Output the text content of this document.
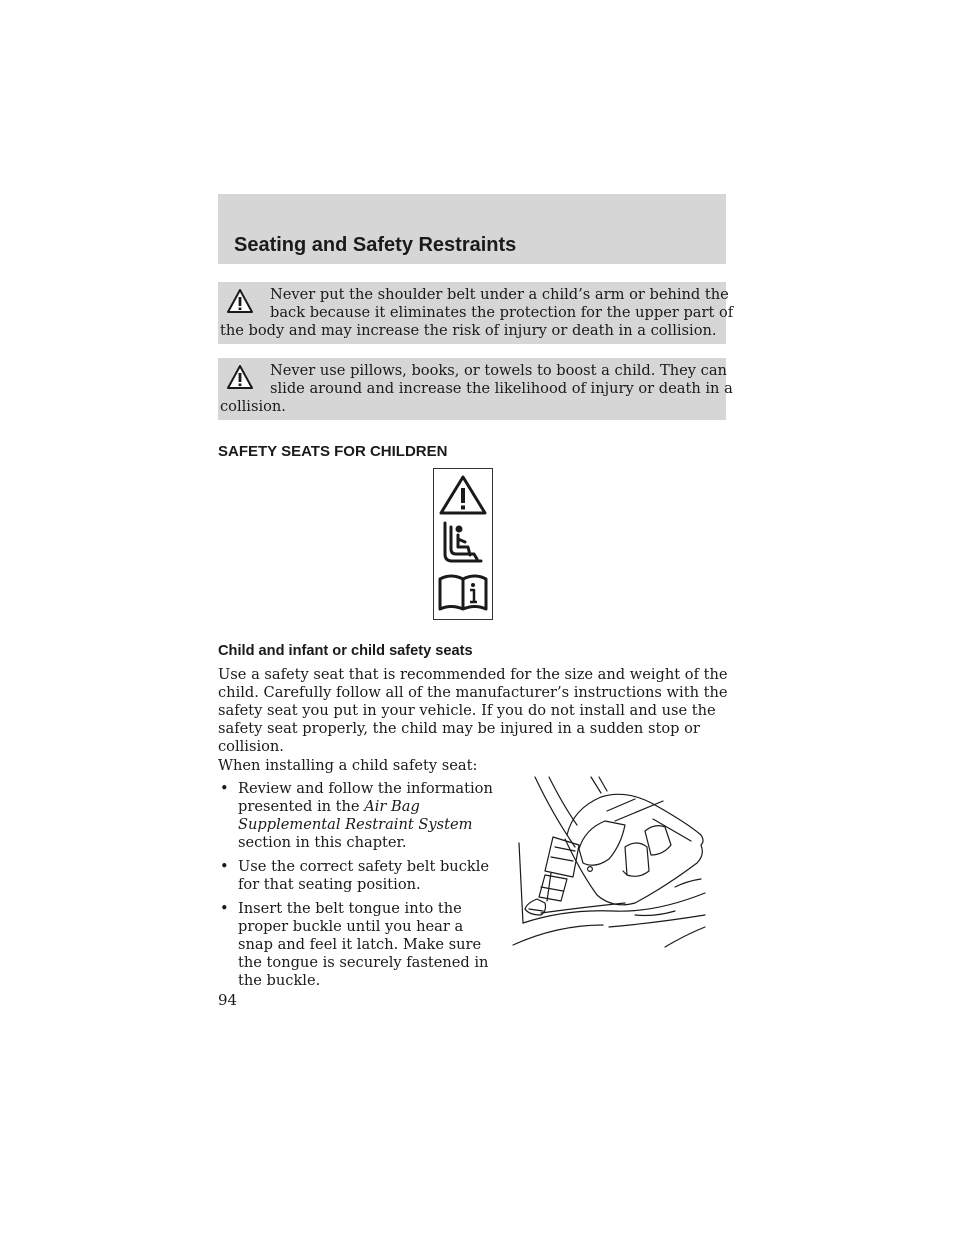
Seating and Safety Restraints
Never put the shoulder belt under a child’s arm or behind the
back because it eliminates the protection for the upper part of
the body and may increase the risk of injury or death in a collision.
Never use pillows, books, or towels to boost a child. They can
slide around and increase the likelihood of injury or death in a
collision.
SAFETY SEATS FOR CHILDREN
Child and infant or child safety seats
Use a safety seat that is recommended for the size and weight of the
child. Carefully follow all of the manufacturer’s instructions with the
safety seat you put in your vehicle. If you do not install and use the
safety seat properly, the child may be injured in a sudden stop or
collision.
When installing a child safety seat:
• Review and follow the information
presented in the Air Bag
Supplemental Restraint System
section in this chapter.
• Use the correct safety belt buckle
for that seating position.
• Insert the belt tongue into the
proper buckle until you hear a
snap and feel it latch. Make sure
the tongue is securely fastened in
the buckle.
94
